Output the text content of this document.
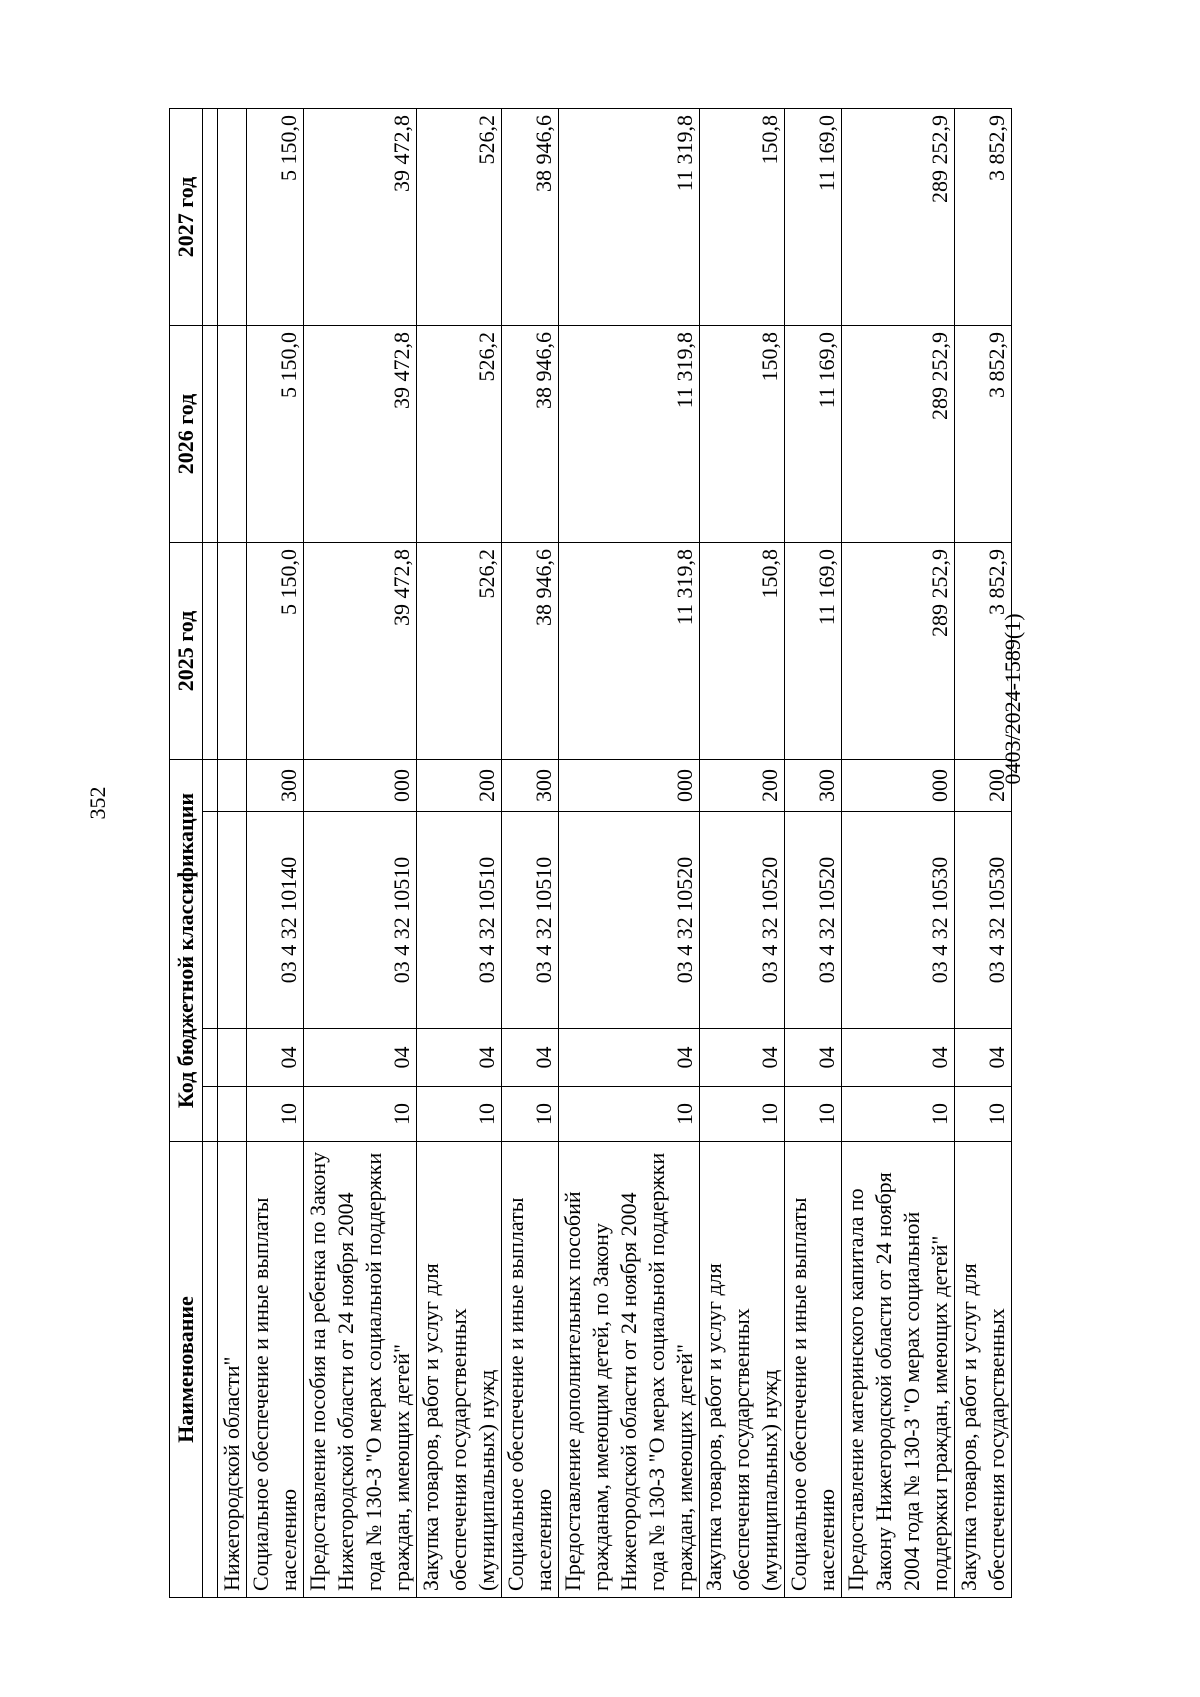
352
Наименование	Код бюджетной классификации				2025 год	2026 год	2027 год

Нижегородской области"							
Социальное обеспечение и иные выплаты населению	10	04	03 4 32 10140	300	5 150,0	5 150,0	5 150,0
Предоставление пособия на ребенка по Закону Нижегородской области от 24 ноября 2004 года № 130-З "О мерах социальной поддержки граждан, имеющих детей"	10	04	03 4 32 10510	000	39 472,8	39 472,8	39 472,8
Закупка товаров, работ и услуг для обеспечения государственных (муниципальных) нужд	10	04	03 4 32 10510	200	526,2	526,2	526,2
Социальное обеспечение и иные выплаты населению	10	04	03 4 32 10510	300	38 946,6	38 946,6	38 946,6
Предоставление дополнительных пособий гражданам, имеющим детей, по Закону Нижегородской области от 24 ноября 2004 года № 130-З "О мерах социальной поддержки граждан, имеющих детей"	10	04	03 4 32 10520	000	11 319,8	11 319,8	11 319,8
Закупка товаров, работ и услуг для обеспечения государственных (муниципальных) нужд	10	04	03 4 32 10520	200	150,8	150,8	150,8
Социальное обеспечение и иные выплаты населению	10	04	03 4 32 10520	300	11 169,0	11 169,0	11 169,0
Предоставление материнского капитала по Закону Нижегородской области от 24 ноября 2004 года № 130-З "О мерах социальной поддержки граждан, имеющих детей"	10	04	03 4 32 10530	000	289 252,9	289 252,9	289 252,9
Закупка товаров, работ и услуг для обеспечения государственных	10	04	03 4 32 10530	200	3 852,9	3 852,9	3 852,9
0403/2024-1589(1)
